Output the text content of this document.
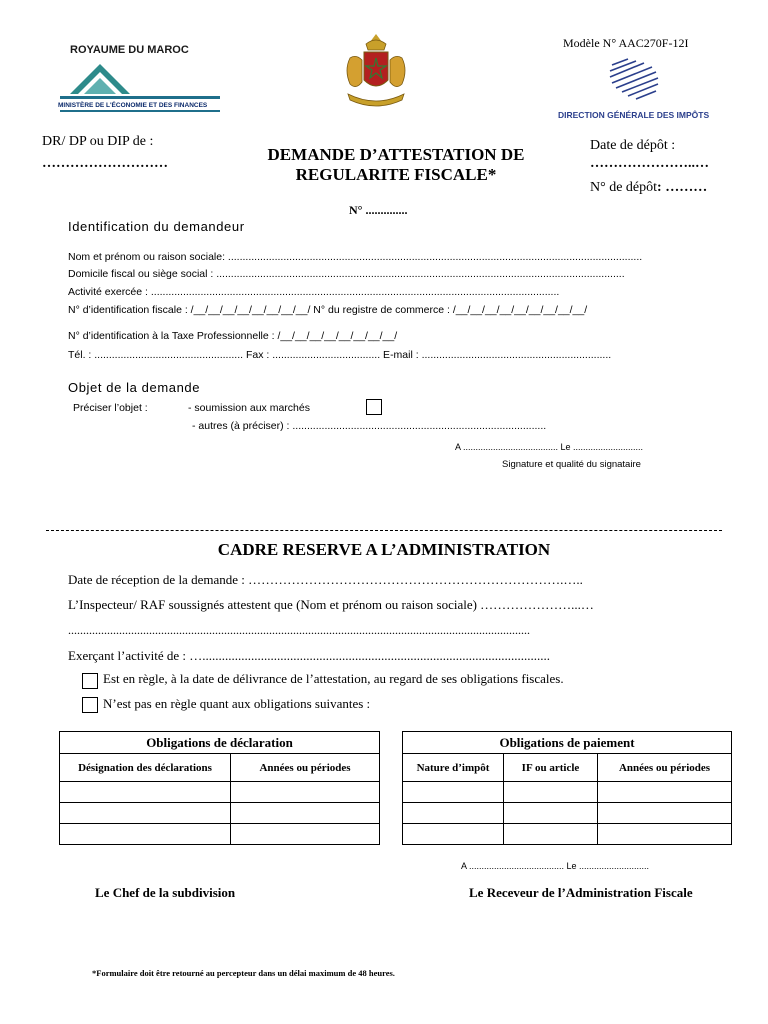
ROYAUME DU MAROC
MINISTÈRE DE L'ÉCONOMIE ET DES FINANCES
Modèle N° AAC270F-12I
DIRECTION GÉNÉRALE DES IMPÔTS
DR/ DP ou DIP de :
………………………	DEMANDE D’ATTESTATION DE
REGULARITE FISCALE*
N° ..............
Date de dépôt :
…………………..…
N° de dépôt: ………
Identification du demandeur
Nom et prénom ou raison sociale: ..............................................................................................................................................
Domicile fiscal ou siège social : ............................................................................................................................................
Activité exercée : ............................................................................................................................................
N° d’identification fiscale : /__/__/__/__/__/__/__/__/ N° du registre de commerce : /__/__/__/__/__/__/__/__/__/
N° d’identification à la Taxe Professionnelle : /__/__/__/__/__/__/__/__/
Tél. : ................................................... Fax : ..................................... E-mail : .................................................................
Objet de la demande
Préciser l’objet :	- soumission aux marchés
- autres (à préciser) : .......................................................................................
A ...................................... Le ............................
Signature et qualité du signataire
CADRE RESERVE A L’ADMINISTRATION
Date de réception de la demande : ……………………………………………………………….…..
L’Inspecteur/ RAF soussignés attestent que (Nom et prénom ou raison sociale) …………………...…
..........................................................................................................................................................
Exerçant l’activité de : …...........................................................................................................
Est en règle, à la date de délivrance de l’attestation, au regard de ses obligations fiscales.
N’est pas en règle quant aux obligations suivantes :
Obligations de déclaration	
Désignation des déclarations	Années ou périodes

Obligations de paiement		
Nature d’impôt	IF ou article	Années ou périodes

A ...................................... Le ............................
Le Chef de la subdivision	Le Receveur de l’Administration Fiscale
*Formulaire doit être retourné au percepteur dans un délai maximum de 48 heures.
